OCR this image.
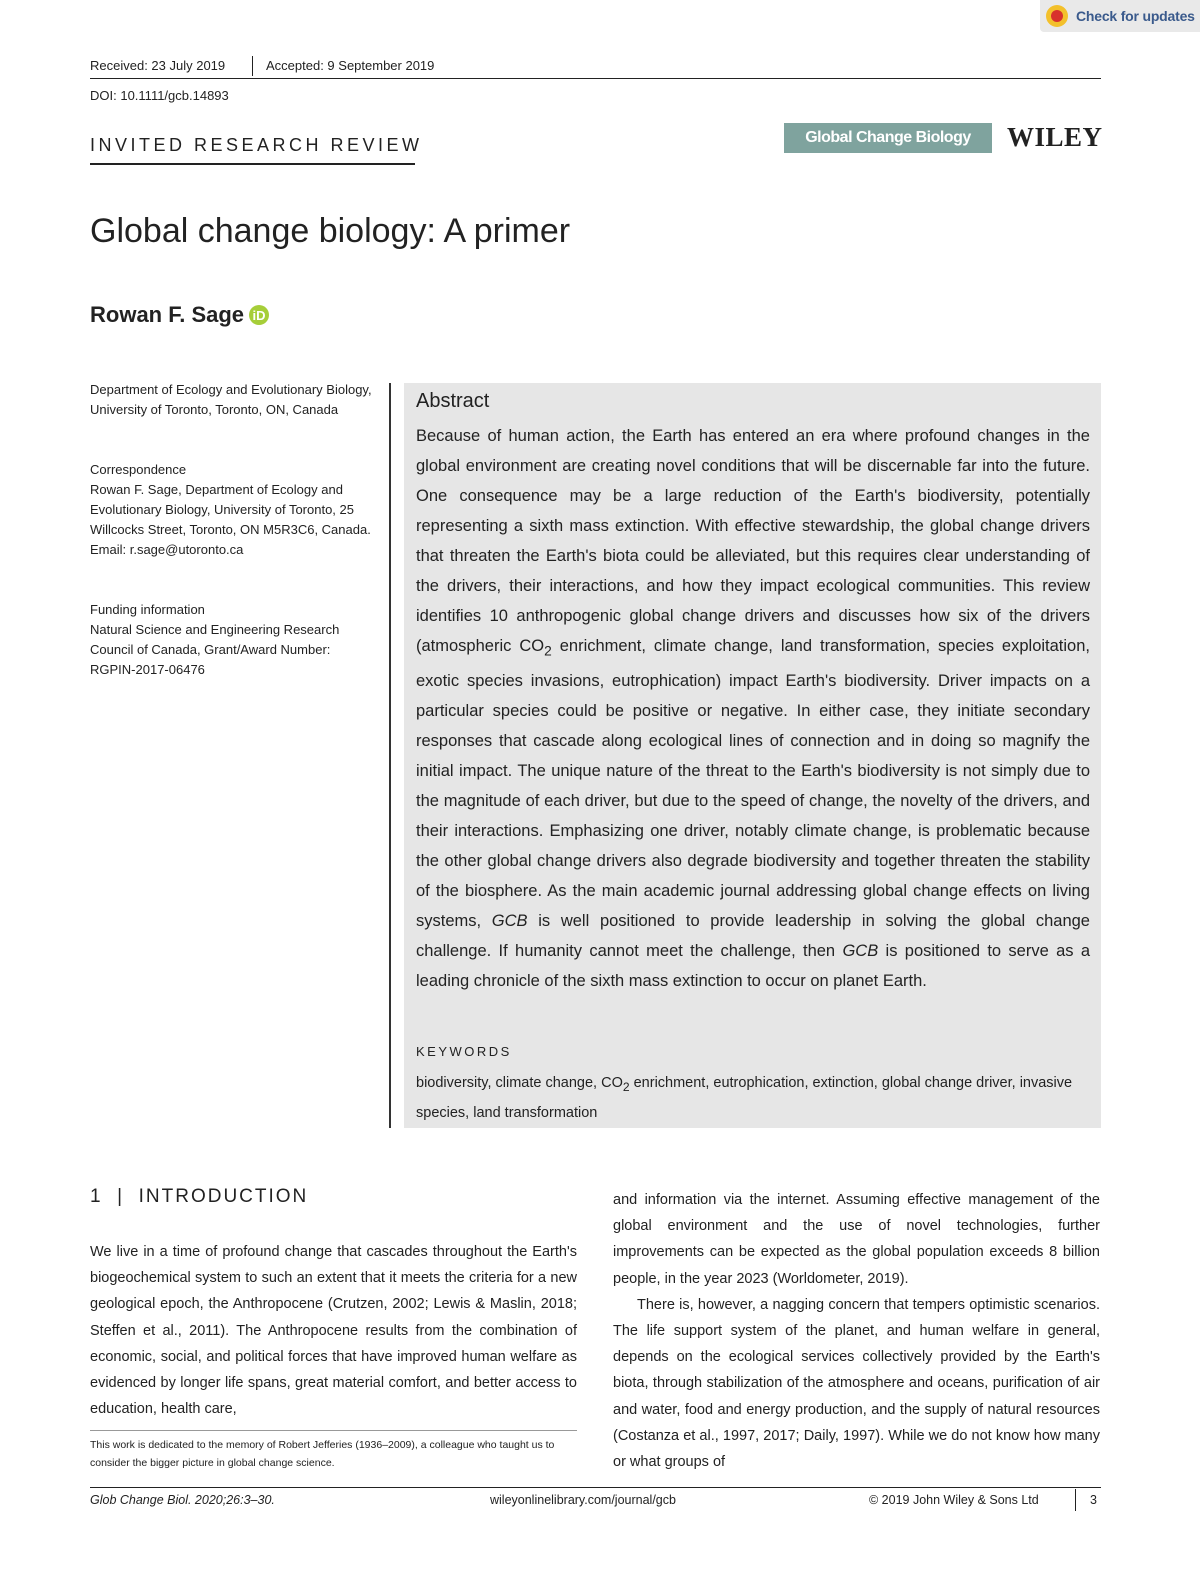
Check for updates
Received: 23 July 2019	Accepted: 9 September 2019
DOI: 10.1111/gcb.14893
INVITED RESEARCH REVIEW	Global Change Biology	WILEY
Global change biology: A primer
Rowan F. Sage iD
Department of Ecology and Evolutionary Biology, University of Toronto, Toronto, ON, Canada
Correspondence
Rowan F. Sage, Department of Ecology and Evolutionary Biology, University of Toronto, 25 Willcocks Street, Toronto, ON M5R3C6, Canada.
Email: r.sage@utoronto.ca
Funding information
Natural Science and Engineering Research Council of Canada, Grant/Award Number: RGPIN-2017-06476
Abstract
Because of human action, the Earth has entered an era where profound changes in the global environment are creating novel conditions that will be discernable far into the future. One consequence may be a large reduction of the Earth's biodiversity, potentially representing a sixth mass extinction. With effective stewardship, the global change drivers that threaten the Earth's biota could be alleviated, but this requires clear understanding of the drivers, their interactions, and how they impact ecological communities. This review identifies 10 anthropogenic global change drivers and discusses how six of the drivers (atmospheric $CO_2$ enrichment, climate change, land transformation, species exploitation, exotic species invasions, eutrophication) impact Earth's biodiversity. Driver impacts on a particular species could be positive or negative. In either case, they initiate secondary responses that cascade along ecological lines of connection and in doing so magnify the initial impact. The unique nature of the threat to the Earth's biodiversity is not simply due to the magnitude of each driver, but due to the speed of change, the novelty of the drivers, and their interactions. Emphasizing one driver, notably climate change, is problematic because the other global change drivers also degrade biodiversity and together threaten the stability of the biosphere. As the main academic journal addressing global change effects on living systems, GCB is well positioned to provide leadership in solving the global change challenge. If humanity cannot meet the challenge, then GCB is positioned to serve as a leading chronicle of the sixth mass extinction to occur on planet Earth.
KEYWORDS
biodiversity, climate change, $CO_2$ enrichment, eutrophication, extinction, global change driver, invasive species, land transformation
1  |  INTRODUCTION
We live in a time of profound change that cascades throughout the Earth's biogeochemical system to such an extent that it meets the criteria for a new geological epoch, the Anthropocene (Crutzen, 2002; Lewis & Maslin, 2018; Steffen et al., 2011). The Anthropocene results from the combination of economic, social, and political forces that have improved human welfare as evidenced by longer life spans, great material comfort, and better access to education, health care,
and information via the internet. Assuming effective management of the global environment and the use of novel technologies, further improvements can be expected as the global population exceeds 8 billion people, in the year 2023 (Worldometer, 2019).
There is, however, a nagging concern that tempers optimistic scenarios. The life support system of the planet, and human welfare in general, depends on the ecological services collectively provided by the Earth's biota, through stabilization of the atmosphere and oceans, purification of air and water, food and energy production, and the supply of natural resources (Costanza et al., 1997, 2017; Daily, 1997). While we do not know how many or what groups of
This work is dedicated to the memory of Robert Jefferies (1936–2009), a colleague who taught us to consider the bigger picture in global change science.
Glob Change Biol. 2020;26:3–30.	wileyonlinelibrary.com/journal/gcb	© 2019 John Wiley & Sons Ltd	3
